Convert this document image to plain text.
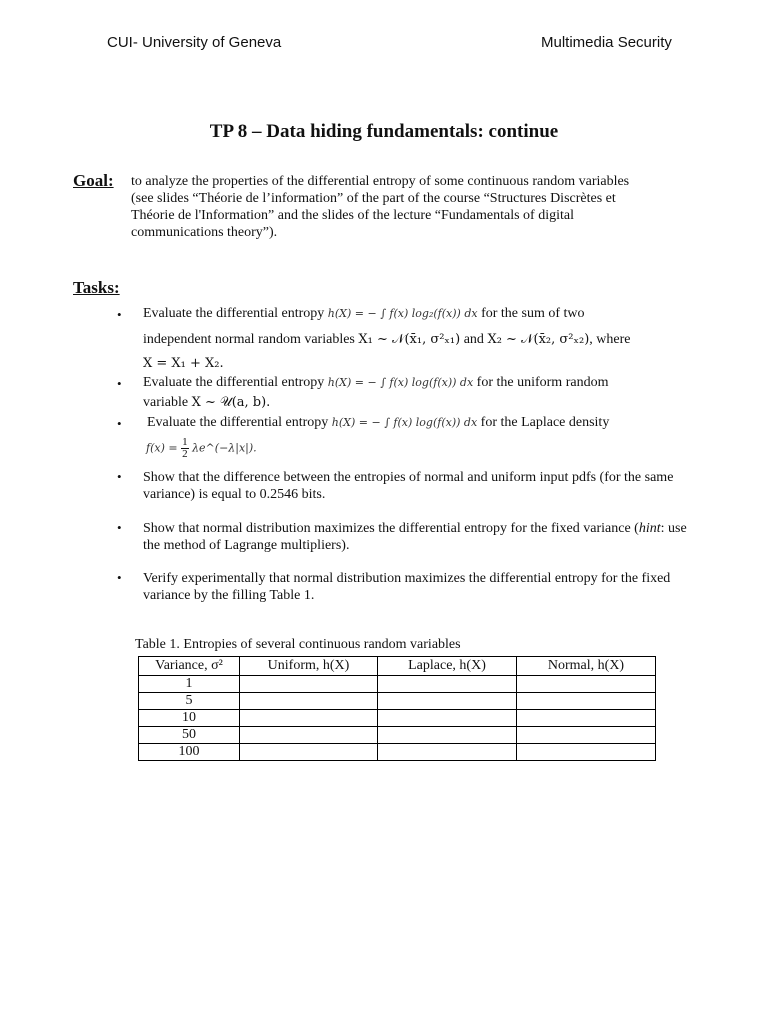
CUI- University of Geneva	Multimedia Security
TP 8 – Data hiding fundamentals: continue
Goal: to analyze the properties of the differential entropy of some continuous random variables
(see slides “Théorie de l’information” of the part of the course “Structures Discrètes et
Théorie de l'Information” and the slides of the lecture “Fundamentals of digital
communications theory”).
Tasks:
• Evaluate the differential entropy h(X) = − ∫ f(x) log₂(f(x)) dx for the sum of two
independent normal random variables X₁ ~ 𝒩(x̄₁, σ²ₓ₁) and X₂ ~ 𝒩(x̄₂, σ²ₓ₂), where
X = X₁ + X₂.
• Evaluate the differential entropy h(X) = − ∫ f(x) log(f(x)) dx for the uniform random
variable X ~ 𝒰(a, b).
• Evaluate the differential entropy h(X) = − ∫ f(x) log(f(x)) dx for the Laplace density
$f(x) = \frac{1}{2}$ λe^(−λ|x|).
• Show that the difference between the entropies of normal and uniform input pdfs (for the same variance) is equal to 0.2546 bits.
• Show that normal distribution maximizes the differential entropy for the fixed variance (hint: use the method of Lagrange multipliers).
• Verify experimentally that normal distribution maximizes the differential entropy for the fixed variance by the filling Table 1.
Table 1. Entropies of several continuous random variables
Variance, σ²	Uniform, h(X)	Laplace, h(X)	Normal, h(X)
1			
5			
10			
50			
100			
